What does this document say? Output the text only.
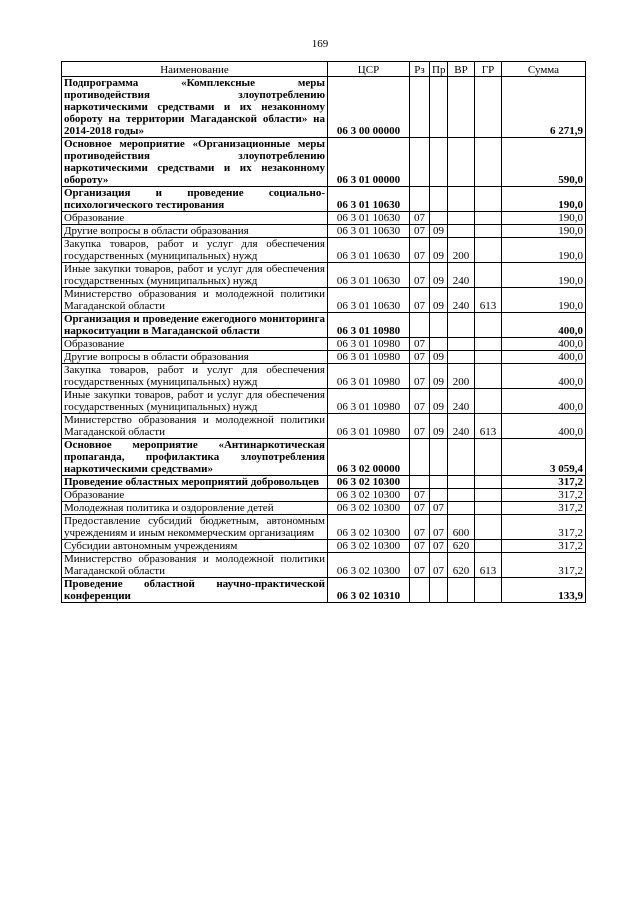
169
Наименование	ЦСР	Рз	Пр	ВР	ГР	Сумма
Подпрограмма «Комплексные меры противодействия злоупотреблению наркотическими средствами и их незаконному обороту на территории Магаданской области» на 2014-2018 годы»	06 3 00 00000					6 271,9
Основное мероприятие «Организационные меры противодействия злоупотреблению наркотическими средствами и их незаконному обороту»	06 3 01 00000					590,0
Организация и проведение социально-психологического тестирования	06 3 01 10630					190,0
Образование	06 3 01 10630	07				190,0
Другие вопросы в области образования	06 3 01 10630	07	09			190,0
Закупка товаров, работ и услуг для обеспечения государственных (муниципальных) нужд	06 3 01 10630	07	09	200		190,0
Иные закупки товаров, работ и услуг для обеспечения государственных (муниципальных) нужд	06 3 01 10630	07	09	240		190,0
Министерство образования и молодежной политики Магаданской области	06 3 01 10630	07	09	240	613	190,0
Организация и проведение ежегодного мониторинга наркоситуации в Магаданской области	06 3 01 10980					400,0
Образование	06 3 01 10980	07				400,0
Другие вопросы в области образования	06 3 01 10980	07	09			400,0
Закупка товаров, работ и услуг для обеспечения государственных (муниципальных) нужд	06 3 01 10980	07	09	200		400,0
Иные закупки товаров, работ и услуг для обеспечения государственных (муниципальных) нужд	06 3 01 10980	07	09	240		400,0
Министерство образования и молодежной политики Магаданской области	06 3 01 10980	07	09	240	613	400,0
Основное мероприятие «Антинаркотическая пропаганда, профилактика злоупотребления наркотическими средствами»	06 3 02 00000					3 059,4
Проведение областных мероприятий добровольцев	06 3 02 10300					317,2
Образование	06 3 02 10300	07				317,2
Молодежная политика и оздоровление детей	06 3 02 10300	07	07			317,2
Предоставление субсидий бюджетным, автономным учреждениям и иным некоммерческим организациям	06 3 02 10300	07	07	600		317,2
Субсидии автономным учреждениям	06 3 02 10300	07	07	620		317,2
Министерство образования и молодежной политики Магаданской области	06 3 02 10300	07	07	620	613	317,2
Проведение областной научно-практической конференции	06 3 02 10310					133,9
